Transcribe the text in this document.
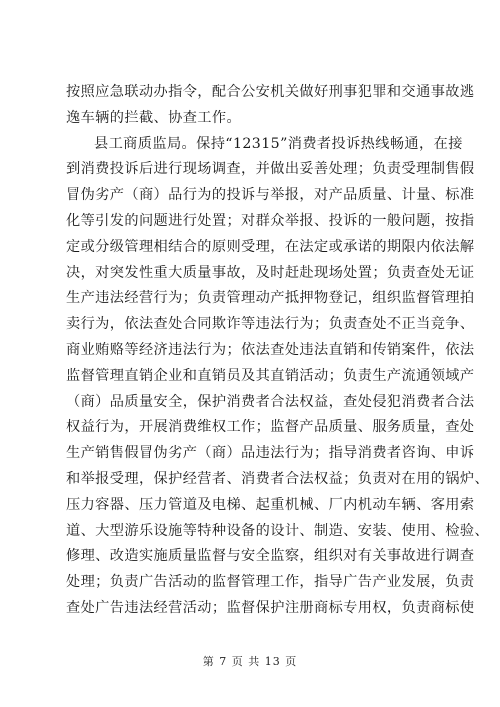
按照应急联动办指令，配合公安机关做好刑事犯罪和交通事故逃
逸车辆的拦截、协查工作。
县工商质监局。保持“12315”消费者投诉热线畅通，在接
到消费投诉后进行现场调查，并做出妥善处理；负责受理制售假
冒伪劣产（商）品行为的投诉与举报，对产品质量、计量、标准
化等引发的问题进行处置；对群众举报、投诉的一般问题，按指
定或分级管理相结合的原则受理，在法定或承诺的期限内依法解
决，对突发性重大质量事故，及时赶赴现场处置；负责查处无证
生产违法经营行为；负责管理动产抵押物登记，组织监督管理拍
卖行为，依法查处合同欺诈等违法行为；负责查处不正当竞争、
商业贿赂等经济违法行为；依法查处违法直销和传销案件，依法
监督管理直销企业和直销员及其直销活动；负责生产流通领域产
（商）品质量安全，保护消费者合法权益，查处侵犯消费者合法
权益行为，开展消费维权工作；监督产品质量、服务质量，查处
生产销售假冒伪劣产（商）品违法行为；指导消费者咨询、申诉
和举报受理，保护经营者、消费者合法权益；负责对在用的锅炉、
压力容器、压力管道及电梯、起重机械、厂内机动车辆、客用索
道、大型游乐设施等特种设备的设计、制造、安装、使用、检验、
修理、改造实施质量监督与安全监察，组织对有关事故进行调查
处理；负责广告活动的监督管理工作，指导广告产业发展，负责
查处广告违法经营活动；监督保护注册商标专用权，负责商标使
第 7 页 共 13 页
